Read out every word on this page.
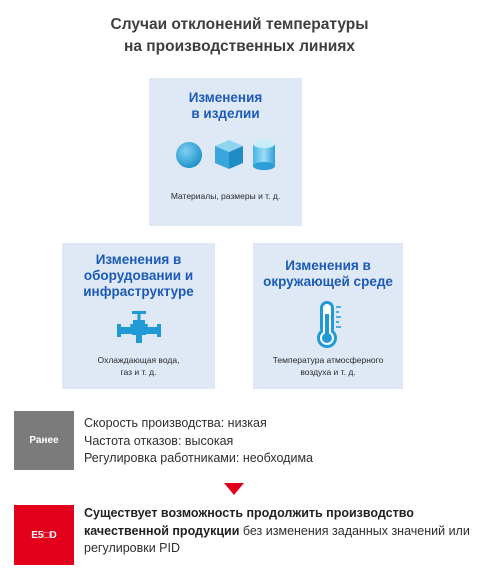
Случаи отклонений температуры
на производственных линиях
Изменения
в изделии
Материалы, размеры и т. д.
Изменения в
оборудовании и
инфраструктуре
Охлаждающая вода,
газ и т. д.
Изменения в
окружающей среде
Температура атмосферного
воздуха и т. д.
Ранее
Скорость производства: низкая
Частота отказов: высокая
Регулировка работниками: необходима
E5□D
Существует возможность продолжить производство качественной продукции без изменения заданных значений или регулировки PID
